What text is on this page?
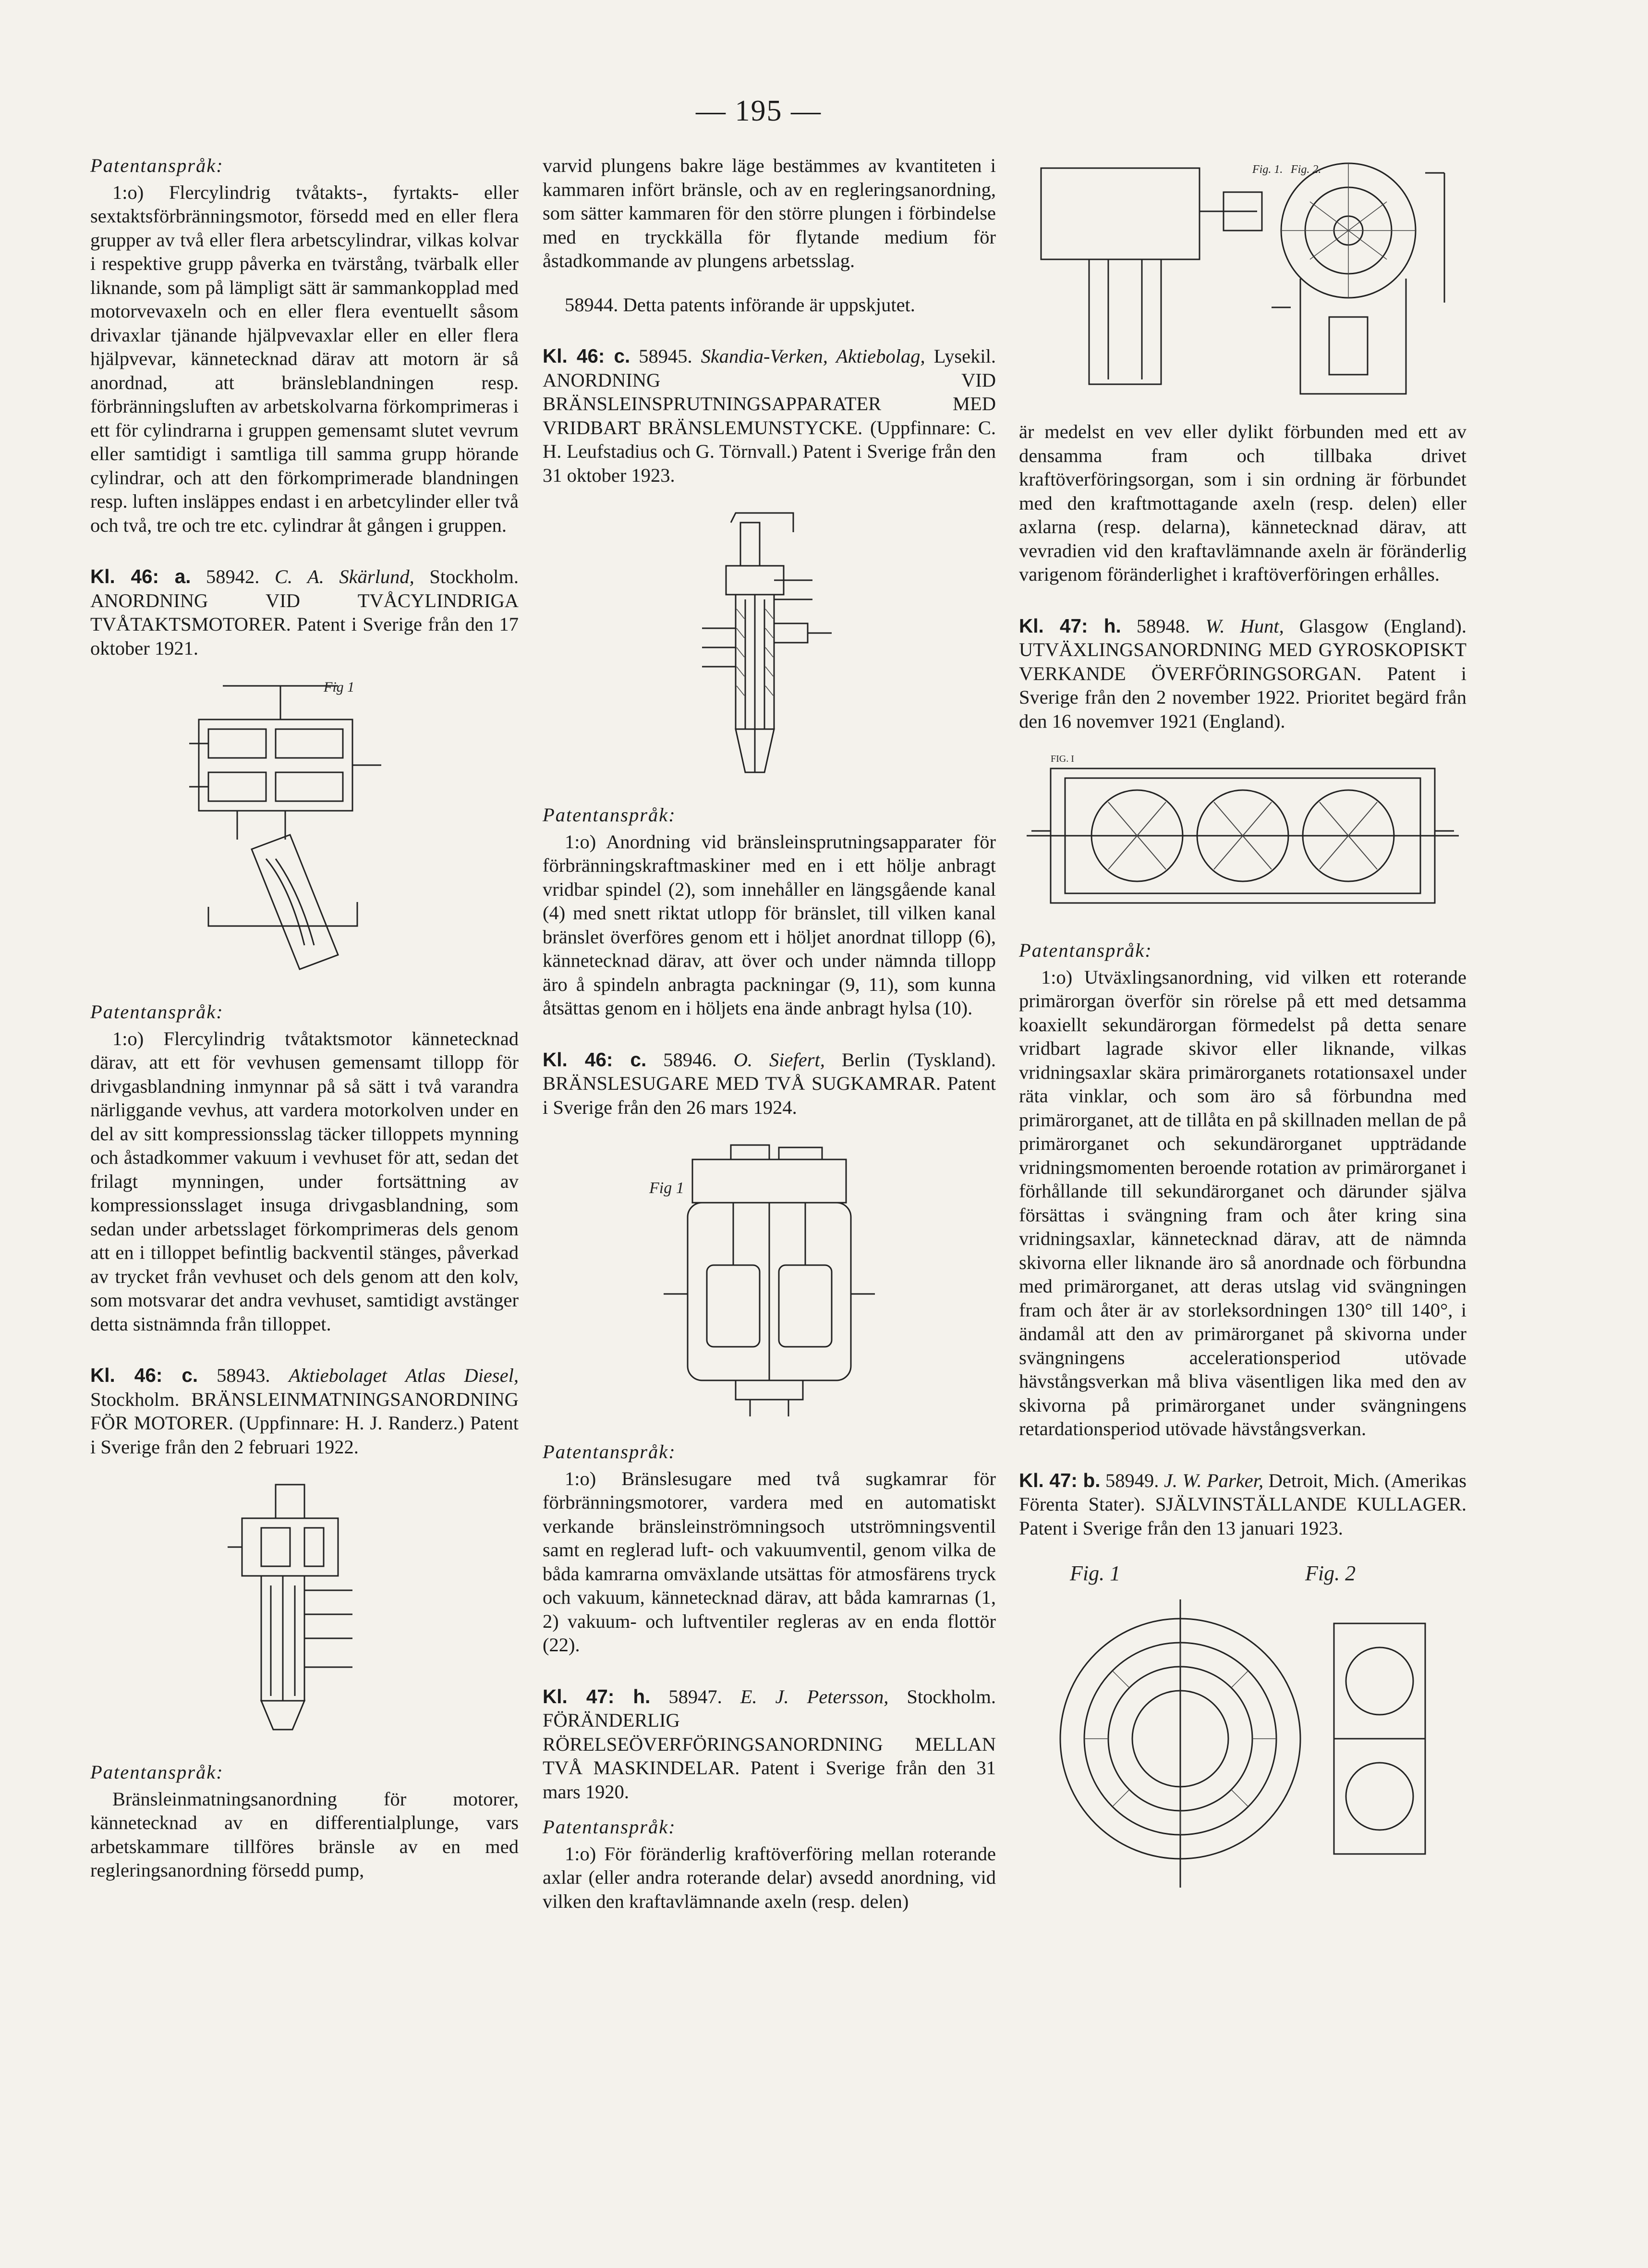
— 195 —

Patentanspråk:

1:o) Flercylindrig tvåtakts-, fyrtakts- eller sextaktsförbränningsmotor, försedd med en eller flera grupper av två eller flera arbetscylindrar, vilkas kolvar i respektive grupp påverka en tvärstång, tvärbalk eller liknande, som på lämpligt sätt är sammankopplad med motorvevaxeln och en eller flera eventuellt såsom drivaxlar tjänande hjälpvevaxlar eller en eller flera hjälpvevar, kännetecknad därav att motorn är så anordnad, att bränsleblandningen resp. förbränningsluften av arbetskolvarna förkomprimeras i ett för cylindrarna i gruppen gemensamt slutet vevrum eller samtidigt i samtliga till samma grupp hörande cylindrar, och att den förkomprimerade blandningen resp. luften insläppes endast i en arbetcylinder eller två och två, tre och tre etc. cylindrar åt gången i gruppen.

Kl. 46: a. 58942. C. A. Skärlund, Stockholm. ANORDNING VID TVÅCYLINDRIGA TVÅTAKTSMOTORER. Patent i Sverige från den 17 oktober 1921.

Fig 1

Patentanspråk:

1:o) Flercylindrig tvåtaktsmotor kännetecknad därav, att ett för vevhusen gemensamt tillopp för drivgasblandning inmynnar på så sätt i två varandra närliggande vevhus, att vardera motorkolven under en del av sitt kompressionsslag täcker tilloppets mynning och åstadkommer vakuum i vevhuset för att, sedan det frilagt mynningen, under fortsättning av kompressionsslaget insuga drivgasblandning, som sedan under arbetsslaget förkomprimeras dels genom att en i tilloppet befintlig backventil stänges, påverkad av trycket från vevhuset och dels genom att den kolv, som motsvarar det andra vevhuset, samtidigt avstänger detta sistnämnda från tilloppet.

Kl. 46: c. 58943. Aktiebolaget Atlas Diesel, Stockholm. BRÄNSLEINMATNINGSANORDNING FÖR MOTORER. (Uppfinnare: H. J. Randerz.) Patent i Sverige från den 2 februari 1922.

Patentanspråk:

Bränsleinmatningsanordning för motorer, kännetecknad av en differentialplunge, vars arbetskammare tillföres bränsle av en med regleringsanordning försedd pump,

varvid plungens bakre läge bestämmes av kvantiteten i kammaren infört bränsle, och av en regleringsanordning, som sätter kammaren för den större plungen i förbindelse med en tryckkälla för flytande medium för åstadkommande av plungens arbetsslag.

58944. Detta patents införande är uppskjutet.

Kl. 46: c. 58945. Skandia-Verken, Aktiebolag, Lysekil. ANORDNING VID BRÄNSLEINSPRUTNINGSAPPARATER MED VRIDBART BRÄNSLEMUNSTYCKE. (Uppfinnare: C. H. Leufstadius och G. Törnvall.) Patent i Sverige från den 31 oktober 1923.

Patentanspråk:

1:o) Anordning vid bränsleinsprutningsapparater för förbränningskraftmaskiner med en i ett hölje anbragt vridbar spindel (2), som innehåller en längsgående kanal (4) med snett riktat utlopp för bränslet, till vilken kanal bränslet överföres genom ett i höljet anordnat tillopp (6), kännetecknad därav, att över och under nämnda tillopp äro å spindeln anbragta packningar (9, 11), som kunna åtsättas genom en i höljets ena ände anbragt hylsa (10).

Kl. 46: c. 58946. O. Siefert, Berlin (Tyskland). BRÄNSLESUGARE MED TVÅ SUGKAMRAR. Patent i Sverige från den 26 mars 1924.

Fig 1

Patentanspråk:

1:o) Bränslesugare med två sugkamrar för förbränningsmotorer, vardera med en automatiskt verkande bränsleinströmningsoch utströmningsventil samt en reglerad luft- och vakuumventil, genom vilka de båda kamrarna omväxlande utsättas för atmosfärens tryck och vakuum, kännetecknad därav, att båda kamrarnas (1, 2) vakuum- och luftventiler regleras av en enda flottör (22).

Kl. 47: h. 58947. E. J. Petersson, Stockholm. FÖRÄNDERLIG RÖRELSEÖVERFÖRINGSANORDNING MELLAN TVÅ MASKINDELAR. Patent i Sverige från den 31 mars 1920.

Patentanspråk:

1:o) För föränderlig kraftöverföring mellan roterande axlar (eller andra roterande delar) avsedd anordning, vid vilken den kraftavlämnande axeln (resp. delen)

Fig. 1. Fig. 2.

är medelst en vev eller dylikt förbunden med ett av densamma fram och tillbaka drivet kraftöverföringsorgan, som i sin ordning är förbundet med den kraftmottagande axeln (resp. delen) eller axlarna (resp. delarna), kännetecknad därav, att vevradien vid den kraftavlämnande axeln är föränderlig varigenom föränderlighet i kraftöverföringen erhålles.

Kl. 47: h. 58948. W. Hunt, Glasgow (England). UTVÄXLINGSANORDNING MED GYROSKOPISKT VERKANDE ÖVERFÖRINGSORGAN. Patent i Sverige från den 2 november 1922. Prioritet begärd från den 16 novemver 1921 (England).

FIG. I

Patentanspråk:

1:o) Utväxlingsanordning, vid vilken ett roterande primärorgan överför sin rörelse på ett med detsamma koaxiellt sekundärorgan förmedelst på detta senare vridbart lagrade skivor eller liknande, vilkas vridningsaxlar skära primärorganets rotationsaxel under räta vinklar, och som äro så förbundna med primärorganet, att de tillåta en på skillnaden mellan de på primärorganet och sekundärorganet uppträdande vridningsmomenten beroende rotation av primärorganet i förhållande till sekundärorganet och därunder själva försättas i svängning fram och åter kring sina vridningsaxlar, kännetecknad därav, att de nämnda skivorna eller liknande äro så anordnade och förbundna med primärorganet, att deras utslag vid svängningen fram och åter är av storleksordningen 130° till 140°, i ändamål att den av primärorganet på skivorna under svängningens accelerationsperiod utövade hävstångsverkan må bliva väsentligen lika med den av skivorna på primärorganet under svängningens retardationsperiod utövade hävstångsverkan.

Kl. 47: b. 58949. J. W. Parker, Detroit, Mich. (Amerikas Förenta Stater). SJÄLVINSTÄLLANDE KULLAGER. Patent i Sverige från den 13 januari 1923.

Fig. 1	Fig. 2
